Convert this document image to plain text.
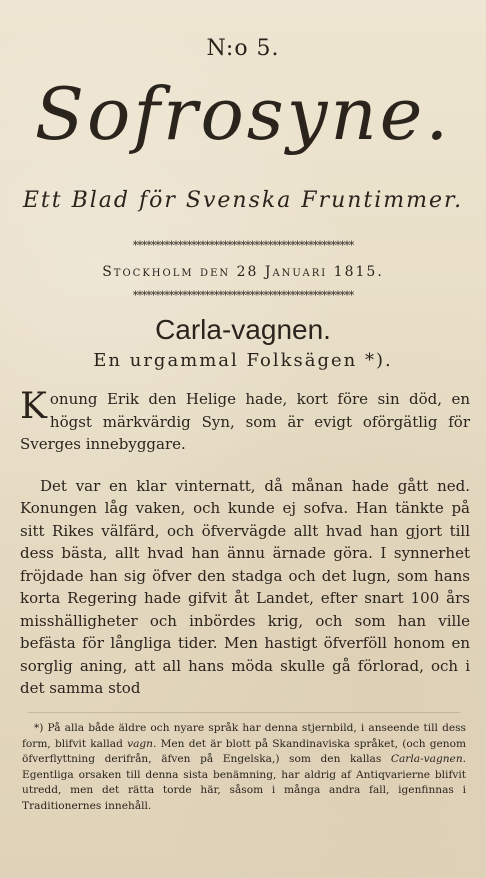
N:o 5.
Sofrosyne.
Ett Blad för Svenska Fruntimmer.
*************************************************
Stockholm den 28 Januari 1815.
*************************************************
Carla-vagnen.
En urgammal Folksägen *).

K onung Erik den Helige hade, kort före sin död, en högst märkvärdig Syn, som är evigt oförgätlig för Sverges innebyggare.

Det var en klar vinternatt, då månan hade gått ned. Konungen låg vaken, och kunde ej sofva. Han tänkte på sitt Rikes välfärd, och öfvervägde allt hvad han gjort till dess bästa, allt hvad han ännu ärnade göra. I synnerhet fröjdade han sig öfver den stadga och det lugn, som hans korta Regering hade gifvit åt Landet, efter snart 100 års misshälligheter och inbördes krig, och som han ville befästa för långliga tider. Men hastigt öfverföll honom en sorglig aning, att all hans möda skulle gå förlorad, och i det samma stod

*) På alla både äldre och nyare språk har denna stjernbild, i anseende till dess form, blifvit kallad vagn. Men det är blott på Skandinaviska språket, (och genom öfverflyttning derifrån, äfven på Engelska,) som den kallas Carla-vagnen. Egentliga orsaken till denna sista benämning, har aldrig af Antiqvarierne blifvit utredd, men det rätta torde här, såsom i många andra fall, igenfinnas i Traditionernes innehåll.
